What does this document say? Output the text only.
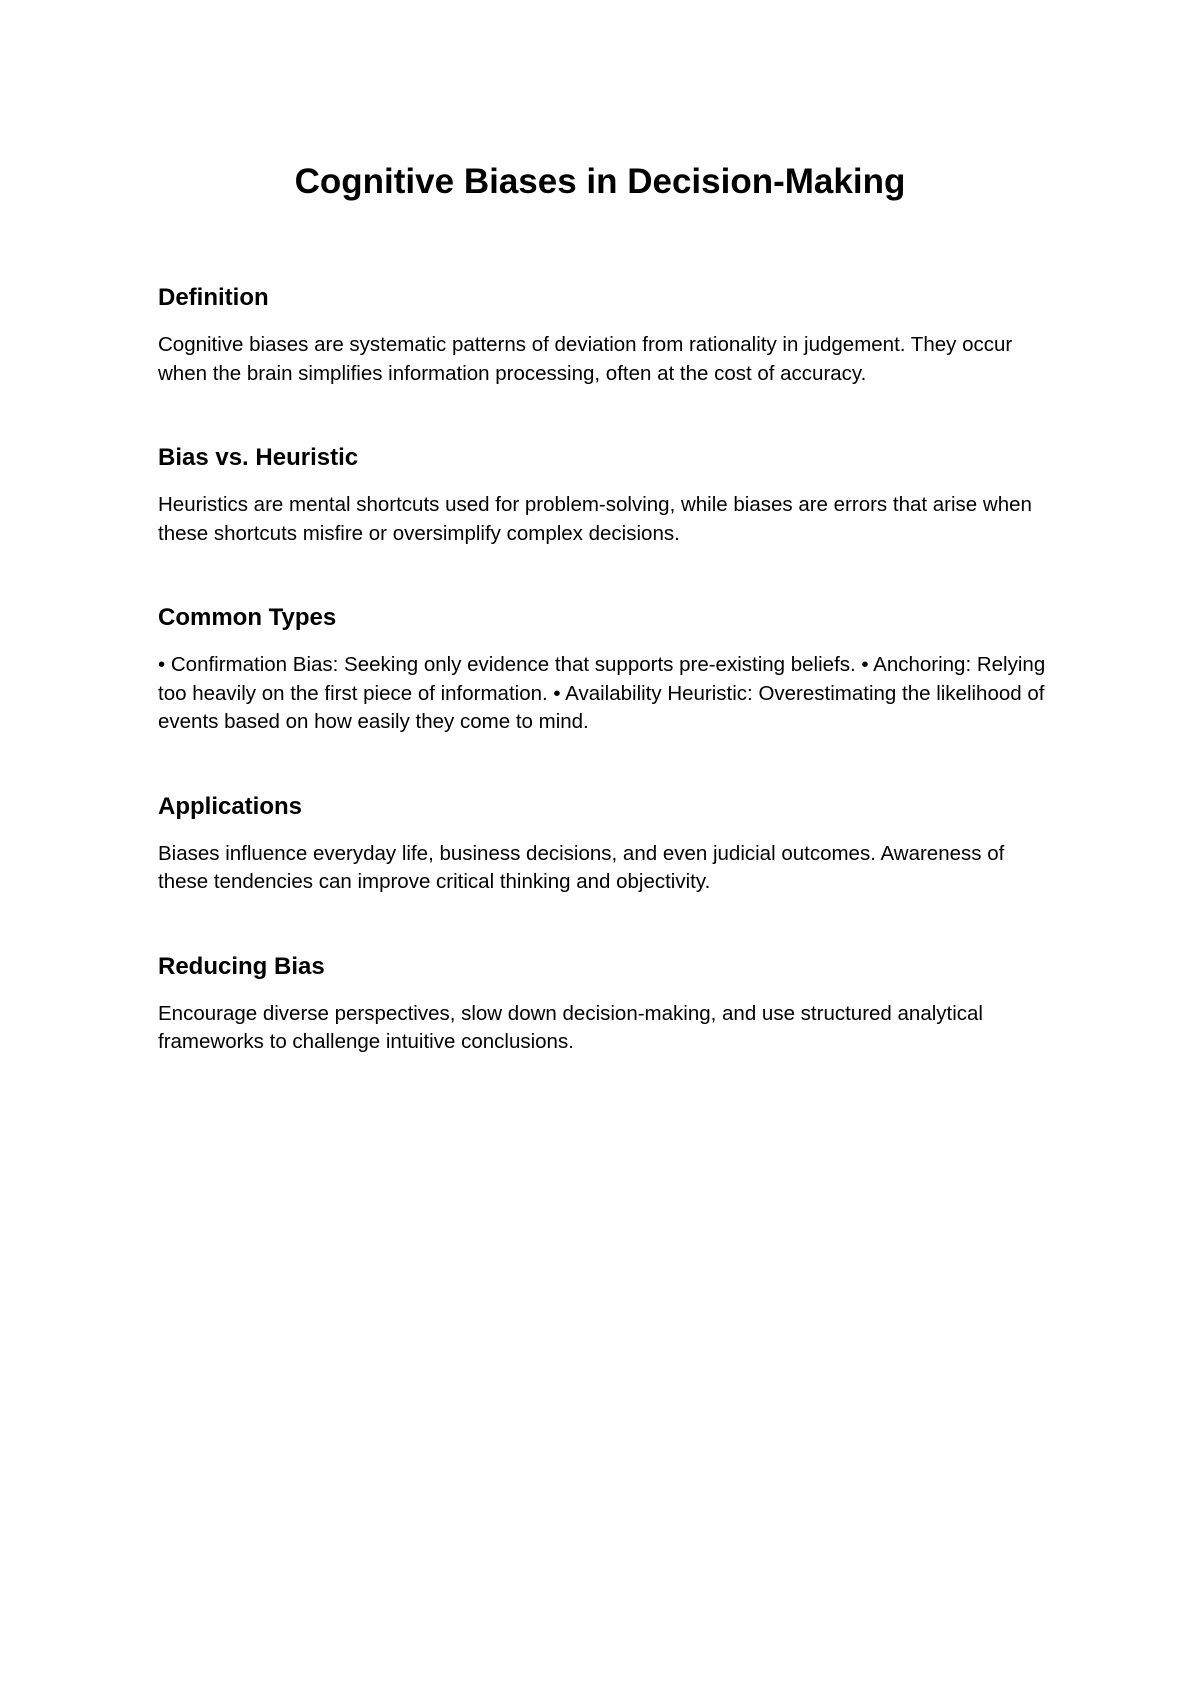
Cognitive Biases in Decision-Making
Definition

Cognitive biases are systematic patterns of deviation from rationality in judgement. They occur when the brain simplifies information processing, often at the cost of accuracy.

Bias vs. Heuristic

Heuristics are mental shortcuts used for problem-solving, while biases are errors that arise when these shortcuts misfire or oversimplify complex decisions.

Common Types

• Confirmation Bias: Seeking only evidence that supports pre-existing beliefs. • Anchoring: Relying too heavily on the first piece of information. • Availability Heuristic: Overestimating the likelihood of events based on how easily they come to mind.

Applications

Biases influence everyday life, business decisions, and even judicial outcomes. Awareness of these tendencies can improve critical thinking and objectivity.

Reducing Bias

Encourage diverse perspectives, slow down decision-making, and use structured analytical frameworks to challenge intuitive conclusions.
